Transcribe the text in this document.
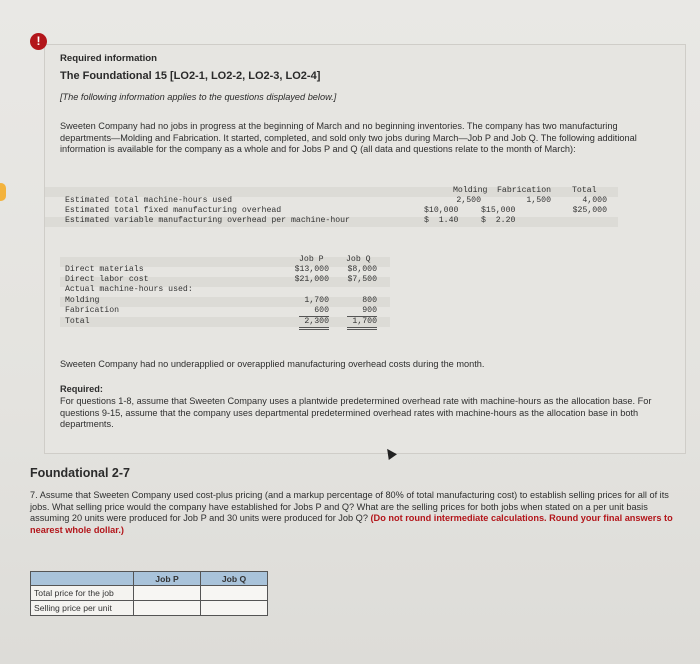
Required information
The Foundational 15 [LO2-1, LO2-2, LO2-3, LO2-4]
[The following information applies to the questions displayed below.]
Sweeten Company had no jobs in progress at the beginning of March and no beginning inventories. The company has two manufacturing departments—Molding and Fabrication. It started, completed, and sold only two jobs during March—Job P and Job Q. The following additional information is available for the company as a whole and for Jobs P and Q (all data and questions relate to the month of March):
Molding Fabrication	Total
Estimated total machine-hours used	2,500	1,500	4,000
Estimated total fixed manufacturing overhead	$10,000	$15,000	$25,000
Estimated variable manufacturing overhead per machine-hour	$  1.40	$  2.20
Job P	Job Q
Direct materials	$13,000	$8,000
Direct labor cost	$21,000	$7,500
Actual machine-hours used:
Molding	1,700	800
Fabrication	600	900
Total	2,300	1,700
Sweeten Company had no underapplied or overapplied manufacturing overhead costs during the month.
Required:
For questions 1-8, assume that Sweeten Company uses a plantwide predetermined overhead rate with machine-hours as the allocation base. For questions 9-15, assume that the company uses departmental predetermined overhead rates with machine-hours as the allocation base in both departments.
!
Foundational 2-7
7. Assume that Sweeten Company used cost-plus pricing (and a markup percentage of 80% of total manufacturing cost) to establish selling prices for all of its jobs. What selling price would the company have established for Jobs P and Q? What are the selling prices for both jobs when stated on a per unit basis assuming 20 units were produced for Job P and 30 units were produced for Job Q? (Do not round intermediate calculations. Round your final answers to nearest whole dollar.)
	Job P	Job Q
Total price for the job		
Selling price per unit		
